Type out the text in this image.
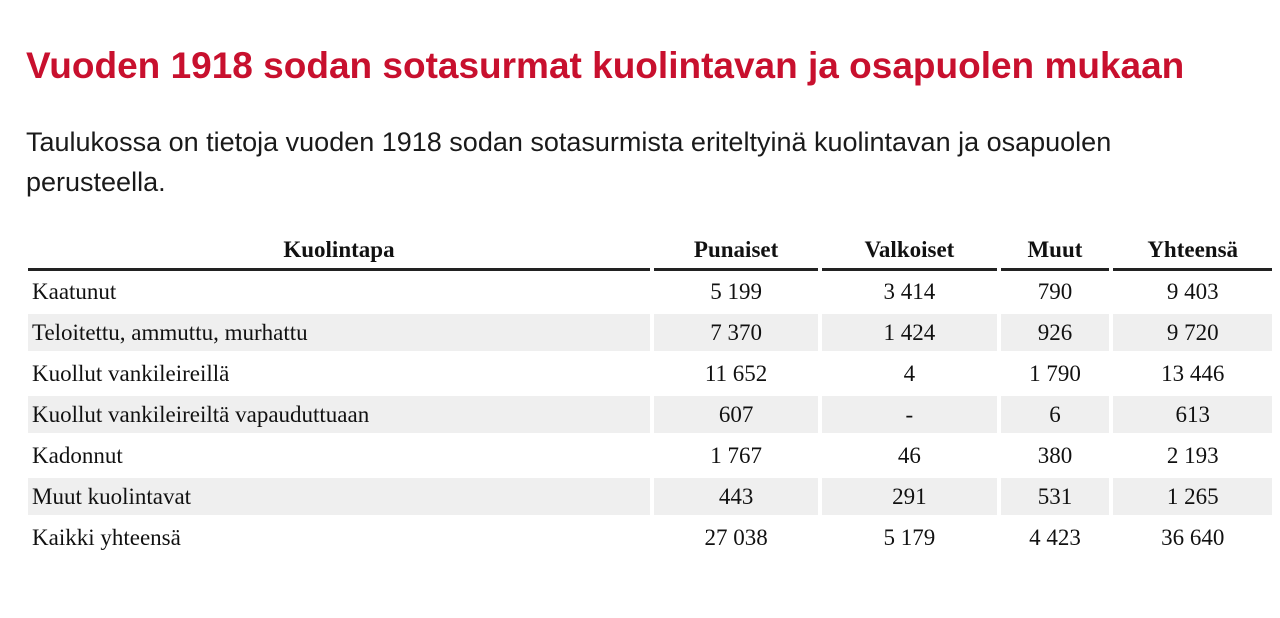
Vuoden 1918 sodan sotasurmat kuolintavan ja osapuolen mukaan

Taulukossa on tietoja vuoden 1918 sodan sotasurmista eriteltyinä kuolintavan ja osapuolen perusteella.

Kuolintapa	Punaiset	Valkoiset	Muut	Yhteensä
Kaatunut	5 199	3 414	790	9 403
Teloitettu, ammuttu, murhattu	7 370	1 424	926	9 720
Kuollut vankileireillä	11 652	4	1 790	13 446
Kuollut vankileireiltä vapauduttuaan	607	-	6	613
Kadonnut	1 767	46	380	2 193
Muut kuolintavat	443	291	531	1 265
Kaikki yhteensä	27 038	5 179	4 423	36 640
